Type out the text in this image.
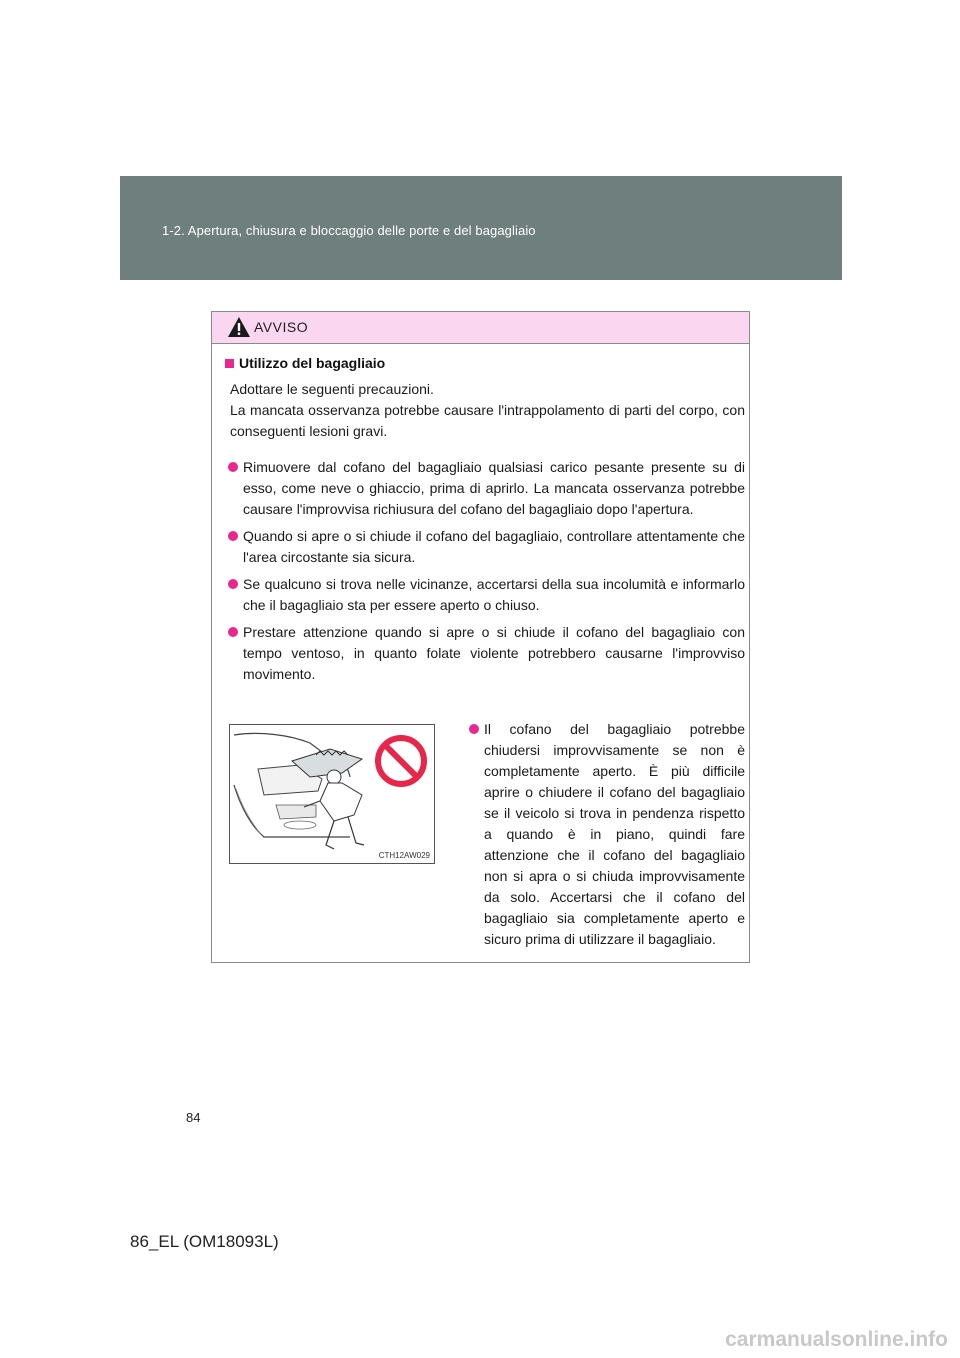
1-2. Apertura, chiusura e bloccaggio delle porte e del bagagliaio
AVVISO
Utilizzo del bagagliaio

Adottare le seguenti precauzioni.

La mancata osservanza potrebbe causare l'intrappolamento di parti del corpo, con conseguenti lesioni gravi.

Rimuovere dal cofano del bagagliaio qualsiasi carico pesante presente su di esso, come neve o ghiaccio, prima di aprirlo. La mancata osservanza potrebbe causare l'improvvisa richiusura del cofano del bagagliaio dopo l'apertura.
Quando si apre o si chiude il cofano del bagagliaio, controllare attentamente che l'area circostante sia sicura.
Se qualcuno si trova nelle vicinanze, accertarsi della sua incolumità e informarlo che il bagagliaio sta per essere aperto o chiuso.
Prestare attenzione quando si apre o si chiude il cofano del bagagliaio con tempo ventoso, in quanto folate violente potrebbero causarne l'improvviso movimento.
CTH12AW029
Il cofano del bagagliaio potrebbe chiudersi improvvisamente se non è completamente aperto. È più difficile aprire o chiudere il cofano del bagagliaio se il veicolo si trova in pendenza rispetto a quando è in piano, quindi fare attenzione che il cofano del bagagliaio non si apra o si chiuda improvvisamente da solo. Accertarsi che il cofano del bagagliaio sia completamente aperto e sicuro prima di utilizzare il bagagliaio.
84
86_EL (OM18093L)
carmanualsonline.info
